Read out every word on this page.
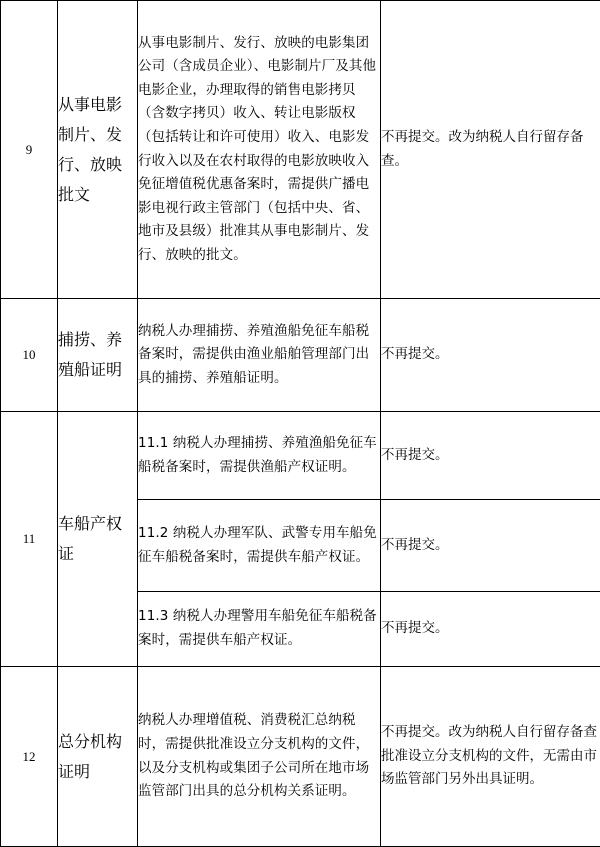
9	从事电影制片、发行、放映批文	从事电影制片、发行、放映的电影集团公司（含成员企业）、电影制片厂及其他电影企业，办理取得的销售电影拷贝（含数字拷贝）收入、转让电影版权（包括转让和许可使用）收入、电影发行收入以及在农村取得的电影放映收入免征增值税优惠备案时，需提供广播电影电视行政主管部门（包括中央、省、地市及县级）批准其从事电影制片、发行、放映的批文。	不再提交。改为纳税人自行留存备查。
10	捕捞、养殖船证明	纳税人办理捕捞、养殖渔船免征车船税备案时，需提供由渔业船舶管理部门出具的捕捞、养殖船证明。	不再提交。
11	车船产权证	11.1 纳税人办理捕捞、养殖渔船免征车船税备案时，需提供渔船产权证明。	不再提交。
		11.2 纳税人办理军队、武警专用车船免征车船税备案时，需提供车船产权证。	不再提交。
		11.3 纳税人办理警用车船免征车船税备案时，需提供车船产权证。	不再提交。
12	总分机构证明	纳税人办理增值税、消费税汇总纳税时，需提供批准设立分支机构的文件，以及分支机构或集团子公司所在地市场监管部门出具的总分机构关系证明。	不再提交。改为纳税人自行留存备查批准设立分支机构的文件，无需由市场监管部门另外出具证明。
